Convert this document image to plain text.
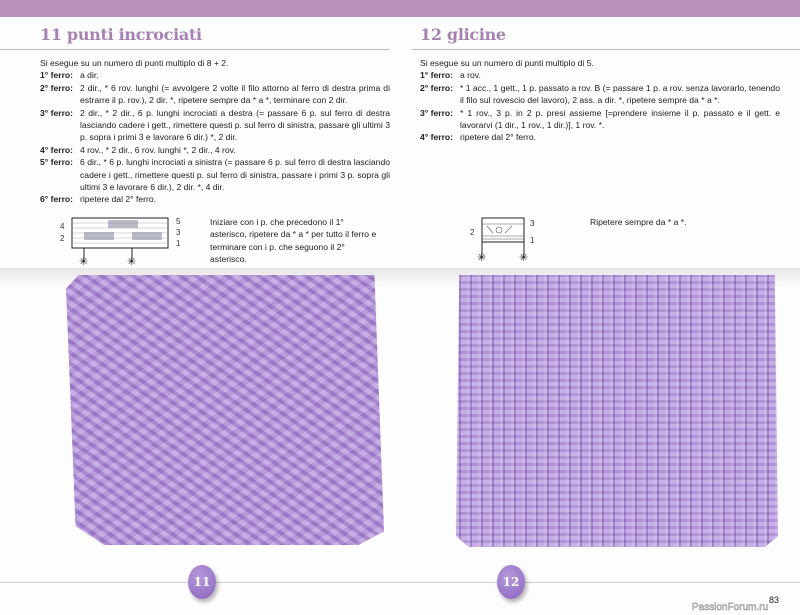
11 punti incrociati
Si esegue su un numero di punti multiplo di 8 + 2.
1° ferro: a dir.
2° ferro: 2 dir., * 6 rov. lunghi (= avvolgere 2 volte il filo attorno al ferro di destra prima di estrarre il p. rov.), 2 dir. *, ripetere sempre da * a *, terminare con 2 dir.
3° ferro: 2 dir., * 2 dir., 6 p. lunghi incrociati a destra (= passare 6 p. sul ferro di destra lasciando cadere i gett., rimettere questi p. sul ferro di sinistra, passare gli ultimi 3 p. sopra i primi 3 e lavorare 6 dir.) *, 2 dir.
4° ferro: 4 rov., * 2 dir., 6 rov. lunghi *, 2 dir., 4 rov.
5° ferro: 6 dir., * 6 p. lunghi incrociati a sinistra (= passare 6 p. sul ferro di destra lasciando cadere i gett., rimettere questi p. sul ferro di sinistra, passare i primi 3 p. sopra gli ultimi 3 e lavorare 6 dir.), 2 dir. *, 4 dir.
6° ferro: ripetere dal 2° ferro.
4
2
5
3
1
✳	✳
Iniziare con i p. che precedono il 1° asterisco, ripetere da * a * per tutto il ferro e terminare con i p. che seguono il 2° asterisco.
12 glicine
Si esegue su un numero di punti multiplo di 5.
1° ferro: a rov.
2° ferro: * 1 acc., 1 gett., 1 p. passato a rov. B (= passare 1 p. a rov. senza lavorarlo, tenendo il filo sul rovescio del lavoro), 2 ass. a dir. *, ripetere sempre da * a *.
3° ferro: * 1 rov., 3 p. in 2 p. presi assieme [=prendere insieme il p. passato e il gett. e lavorarvi (1 dir., 1 rov., 1 dir.)], 1 rov. *.
4° ferro: ripetere dal 2° ferro.
2
3
1
✳	✳
Ripetere sempre da * a *.
11	12
83
PassionForum.ru
